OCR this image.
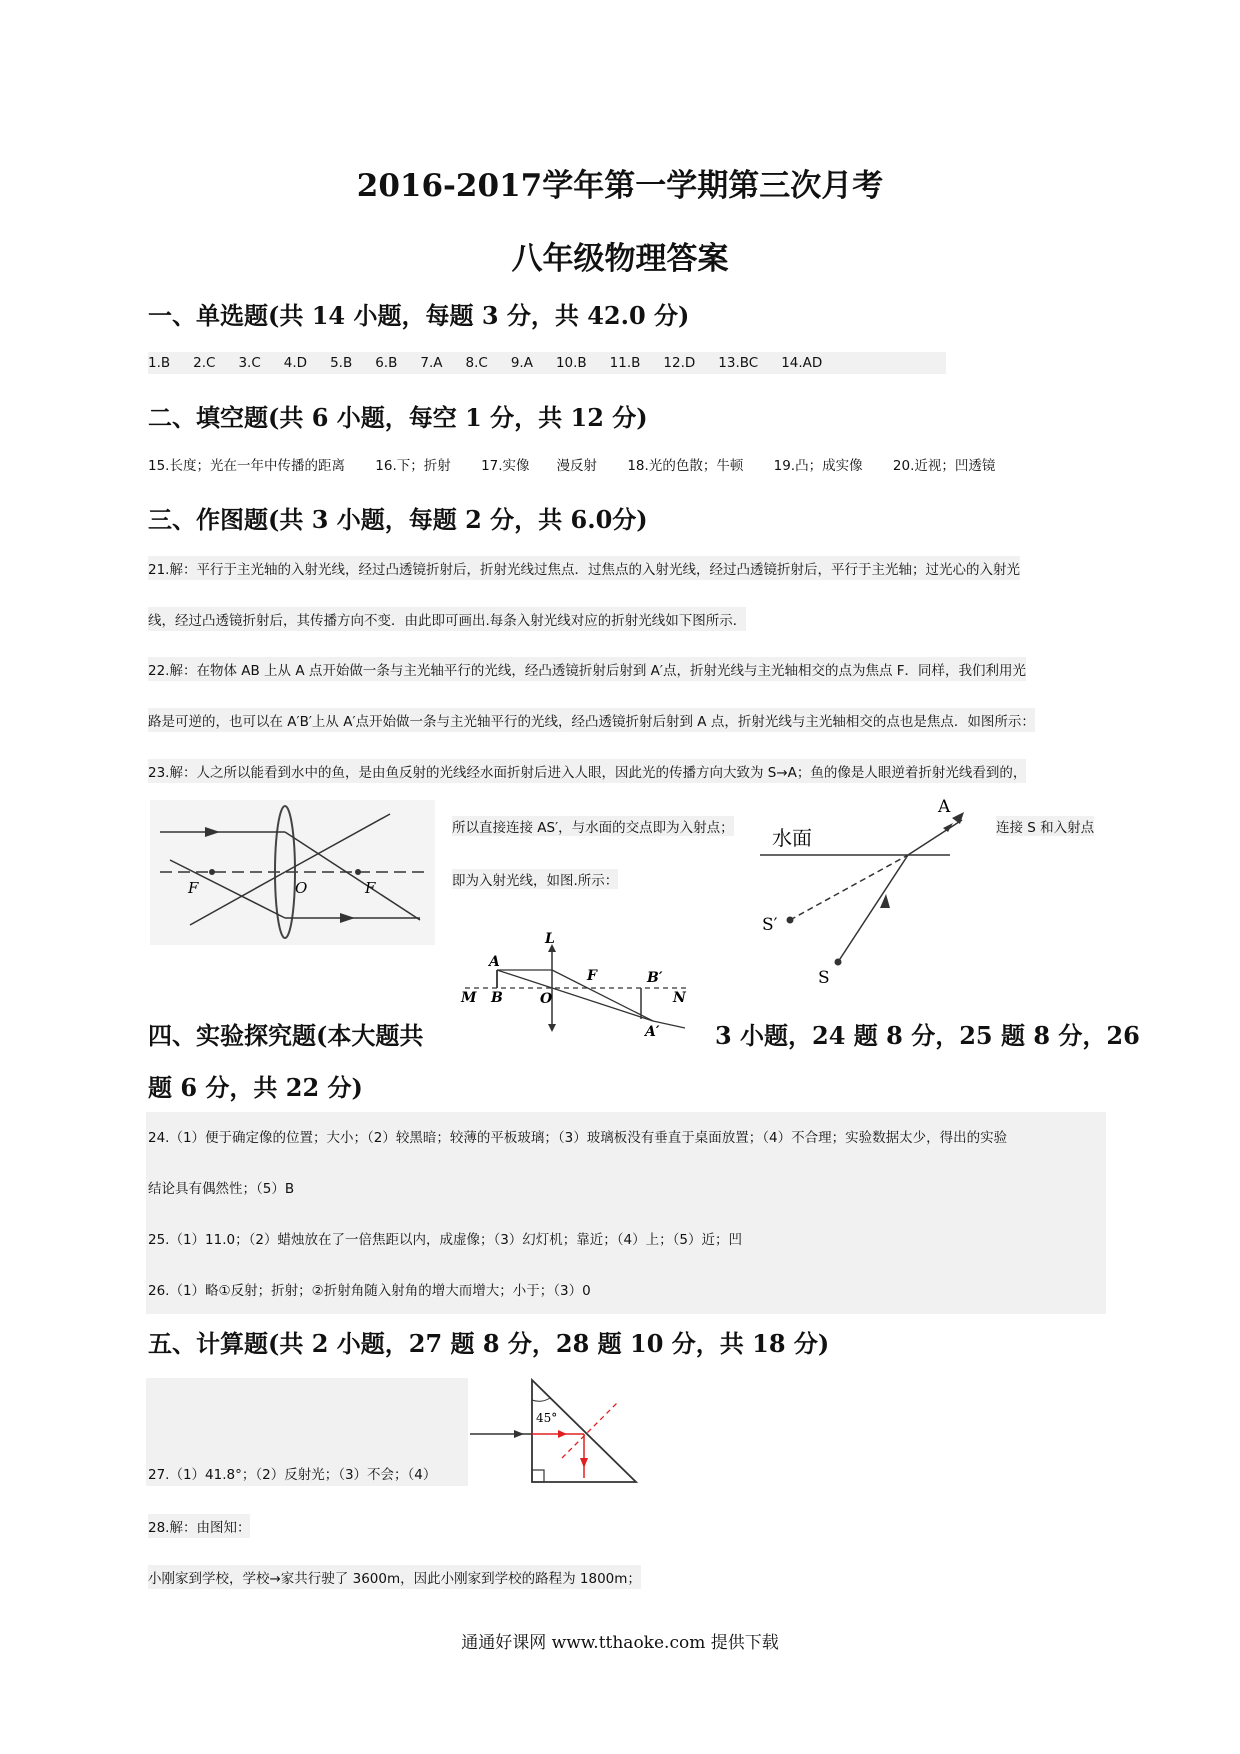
2016-2017学年第一学期第三次月考
八年级物理答案
一、单选题(共 14 小题，每题 3 分，共 42.0 分)
1.B 2.C 3.C 4.D 5.B 6.B 7.A 8.C 9.A 10.B 11.B 12.D 13.BC 14.AD
二、填空题(共 6 小题，每空 1 分，共 12 分)
15.长度；光在一年中传播的距离 16.下；折射 17.实像　　漫反射 18.光的色散；牛顿 19.凸；成实像 20.近视；凹透镜
三、作图题(共 3 小题，每题 2 分，共 6.0分)
21.解：平行于主光轴的入射光线，经过凸透镜折射后，折射光线过焦点．过焦点的入射光线，经过凸透镜折射后，平行于主光轴；过光心的入射光
线，经过凸透镜折射后，其传播方向不变．由此即可画出.每条入射光线对应的折射光线如下图所示．
22.解：在物体 AB 上从 A 点开始做一条与主光轴平行的光线，经凸透镜折射后射到 A′点，折射光线与主光轴相交的点为焦点 F．同样，我们利用光
路是可逆的，也可以在 A′B′上从 A′点开始做一条与主光轴平行的光线，经凸透镜折射后射到 A 点，折射光线与主光轴相交的点也是焦点．如图所示：
23.解：人之所以能看到水中的鱼，是由鱼反射的光线经水面折射后进入人眼，因此光的传播方向大致为 S→A；鱼的像是人眼逆着折射光线看到的，
F	O	F
所以直接连接 AS′，与水面的交点即为入射点；
即为入射光线，如图.所示：
连接 S 和入射点
水面
A
S′
S
L
A
B	O
F	B′
N
M
A′
四、实验探究题(本大题共	3 小题，24 题 8 分，25 题 8 分，26
题 6 分，共 22 分)
24.（1）便于确定像的位置；大小；（2）较黑暗；较薄的平板玻璃；（3）玻璃板没有垂直于桌面放置；（4）不合理；实验数据太少，得出的实验
结论具有偶然性；（5）B
25.（1）11.0；（2）蜡烛放在了一倍焦距以内，成虚像；（3）幻灯机；靠近；（4）上；（5）近；凹
26.（1）略①反射；折射；②折射角随入射角的增大而增大；小于；（3）0
五、计算题(共 2 小题，27 题 8 分，28 题 10 分，共 18 分)
27.（1）41.8°；（2）反射光；（3）不会；（4）
45°
28.解：由图知：
小刚家到学校，学校→家共行驶了 3600m，因此小刚家到学校的路程为 1800m；
通通好课网 www.tthaoke.com 提供下载
